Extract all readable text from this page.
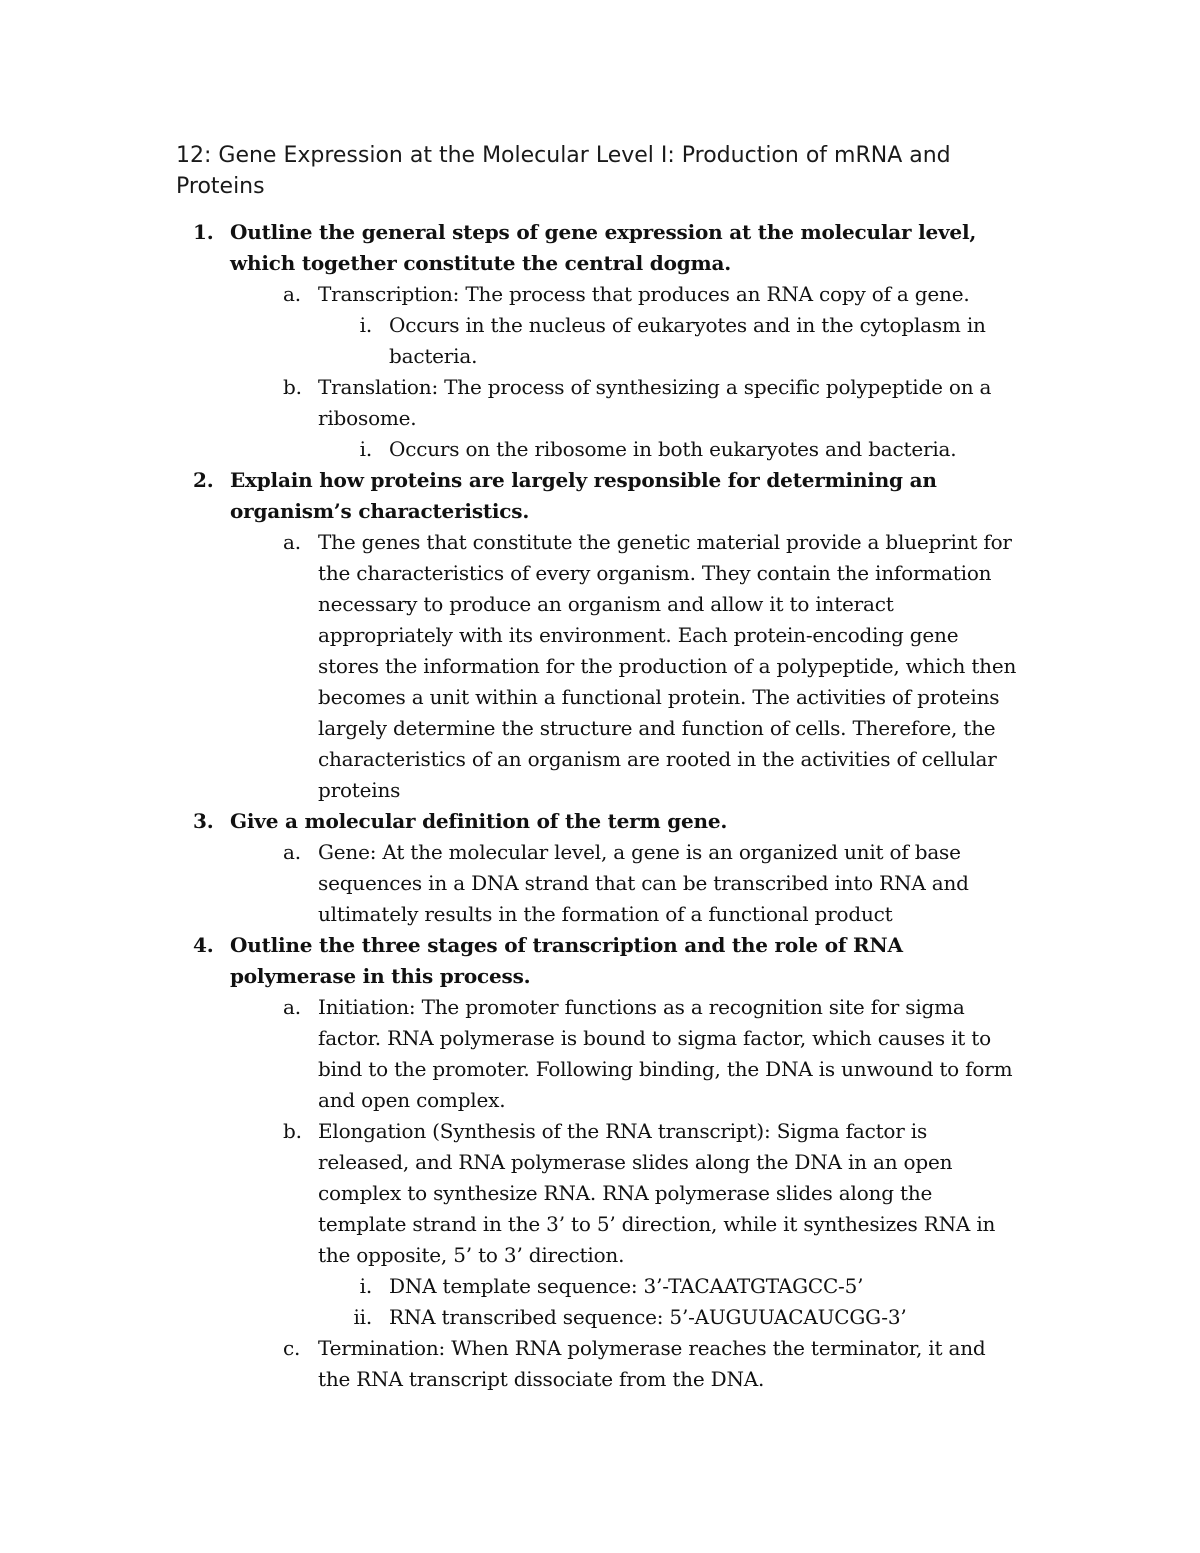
12: Gene Expression at the Molecular Level I: Production of mRNA and Proteins
1. Outline the general steps of gene expression at the molecular level, which together constitute the central dogma.
a. Transcription: The process that produces an RNA copy of a gene.
i. Occurs in the nucleus of eukaryotes and in the cytoplasm in bacteria.
b. Translation: The process of synthesizing a specific polypeptide on a ribosome.
i. Occurs on the ribosome in both eukaryotes and bacteria.
2. Explain how proteins are largely responsible for determining an organism’s characteristics.
a. The genes that constitute the genetic material provide a blueprint for the characteristics of every organism. They contain the information necessary to produce an organism and allow it to interact appropriately with its environment. Each protein-encoding gene stores the information for the production of a polypeptide, which then becomes a unit within a functional protein. The activities of proteins largely determine the structure and function of cells. Therefore, the characteristics of an organism are rooted in the activities of cellular proteins
3. Give a molecular definition of the term gene.
a. Gene: At the molecular level, a gene is an organized unit of base sequences in a DNA strand that can be transcribed into RNA and ultimately results in the formation of a functional product
4. Outline the three stages of transcription and the role of RNA polymerase in this process.
a. Initiation: The promoter functions as a recognition site for sigma factor. RNA polymerase is bound to sigma factor, which causes it to bind to the promoter. Following binding, the DNA is unwound to form and open complex.
b. Elongation (Synthesis of the RNA transcript): Sigma factor is released, and RNA polymerase slides along the DNA in an open complex to synthesize RNA. RNA polymerase slides along the template strand in the 3’ to 5’ direction, while it synthesizes RNA in the opposite, 5’ to 3’ direction.
i. DNA template sequence: 3’-TACAATGTAGCC-5’
ii. RNA transcribed sequence: 5’-AUGUUACAUCGG-3’
c. Termination: When RNA polymerase reaches the terminator, it and the RNA transcript dissociate from the DNA.
